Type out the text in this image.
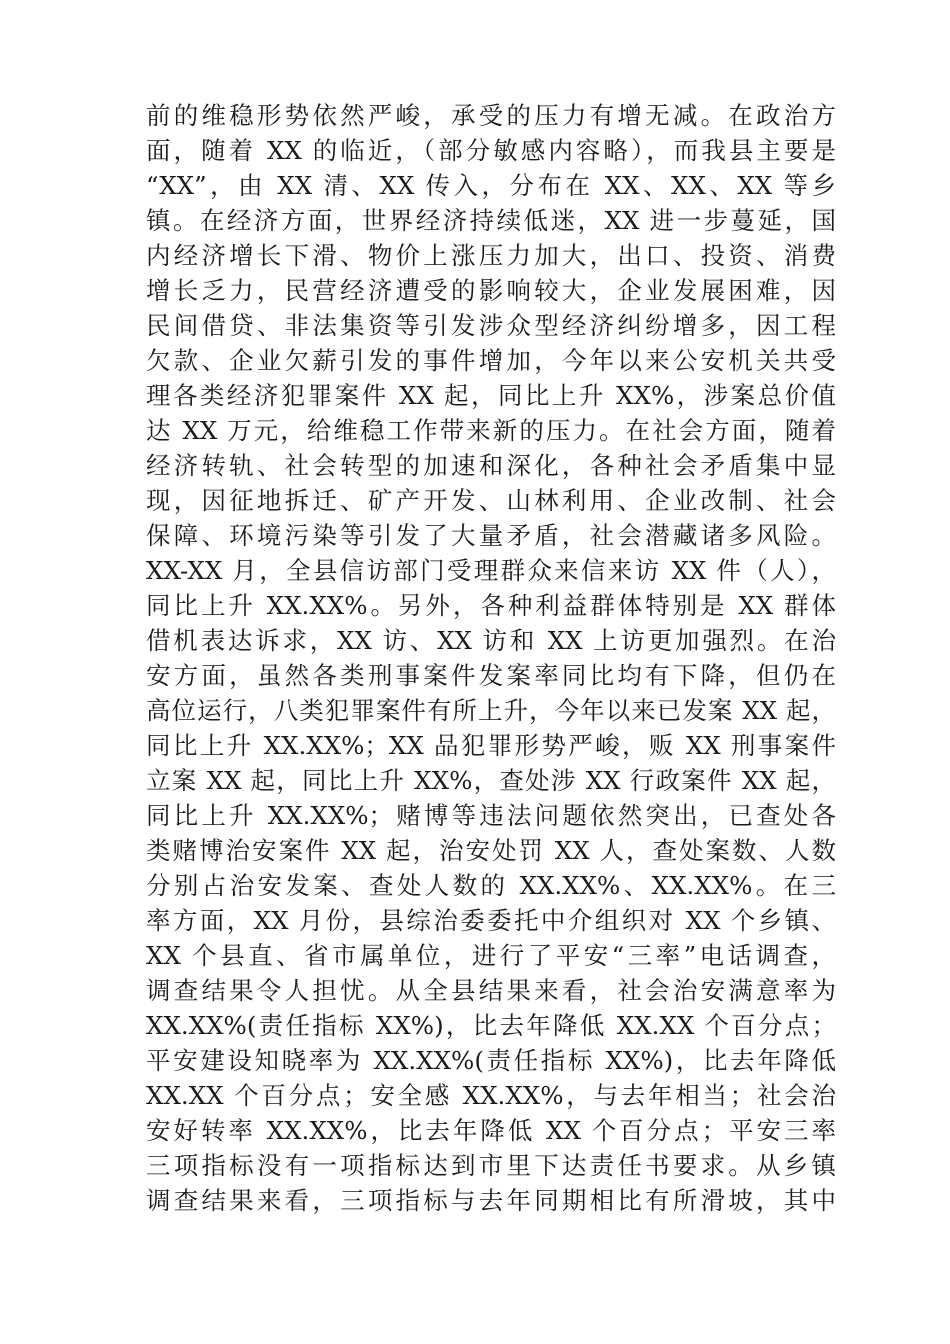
前的维稳形势依然严峻，承受的压力有增无减。在政治方
面，随着 XX 的临近，（部分敏感内容略），而我县主要是
“XX”，由 XX 清、XX 传入，分布在 XX、XX、XX 等乡
镇。在经济方面，世界经济持续低迷，XX 进一步蔓延，国
内经济增长下滑、物价上涨压力加大，出口、投资、消费
增长乏力，民营经济遭受的影响较大，企业发展困难，因
民间借贷、非法集资等引发涉众型经济纠纷增多，因工程
欠款、企业欠薪引发的事件增加，今年以来公安机关共受
理各类经济犯罪案件 XX 起，同比上升 XX%，涉案总价值
达 XX 万元，给维稳工作带来新的压力。在社会方面，随着
经济转轨、社会转型的加速和深化，各种社会矛盾集中显
现，因征地拆迁、矿产开发、山林利用、企业改制、社会
保障、环境污染等引发了大量矛盾，社会潜藏诸多风险。
XX-XX 月，全县信访部门受理群众来信来访 XX 件（人），
同比上升 XX.XX%。另外，各种利益群体特别是 XX 群体
借机表达诉求，XX 访、XX 访和 XX 上访更加强烈。在治
安方面，虽然各类刑事案件发案率同比均有下降，但仍在
高位运行，八类犯罪案件有所上升，今年以来已发案 XX 起，
同比上升 XX.XX%；XX 品犯罪形势严峻，贩 XX 刑事案件
立案 XX 起，同比上升 XX%，查处涉 XX 行政案件 XX 起，
同比上升 XX.XX%；赌博等违法问题依然突出，已查处各
类赌博治安案件 XX 起，治安处罚 XX 人，查处案数、人数
分别占治安发案、查处人数的 XX.XX%、XX.XX%。在三
率方面，XX 月份，县综治委委托中介组织对 XX 个乡镇、
XX 个县直、省市属单位，进行了平安“三率”电话调查，
调查结果令人担忧。从全县结果来看，社会治安满意率为
XX.XX%(责任指标 XX%)，比去年降低 XX.XX 个百分点；
平安建设知晓率为 XX.XX%(责任指标 XX%)，比去年降低
XX.XX 个百分点；安全感 XX.XX%，与去年相当；社会治
安好转率 XX.XX%，比去年降低 XX 个百分点；平安三率
三项指标没有一项指标达到市里下达责任书要求。从乡镇
调查结果来看，三项指标与去年同期相比有所滑坡，其中
